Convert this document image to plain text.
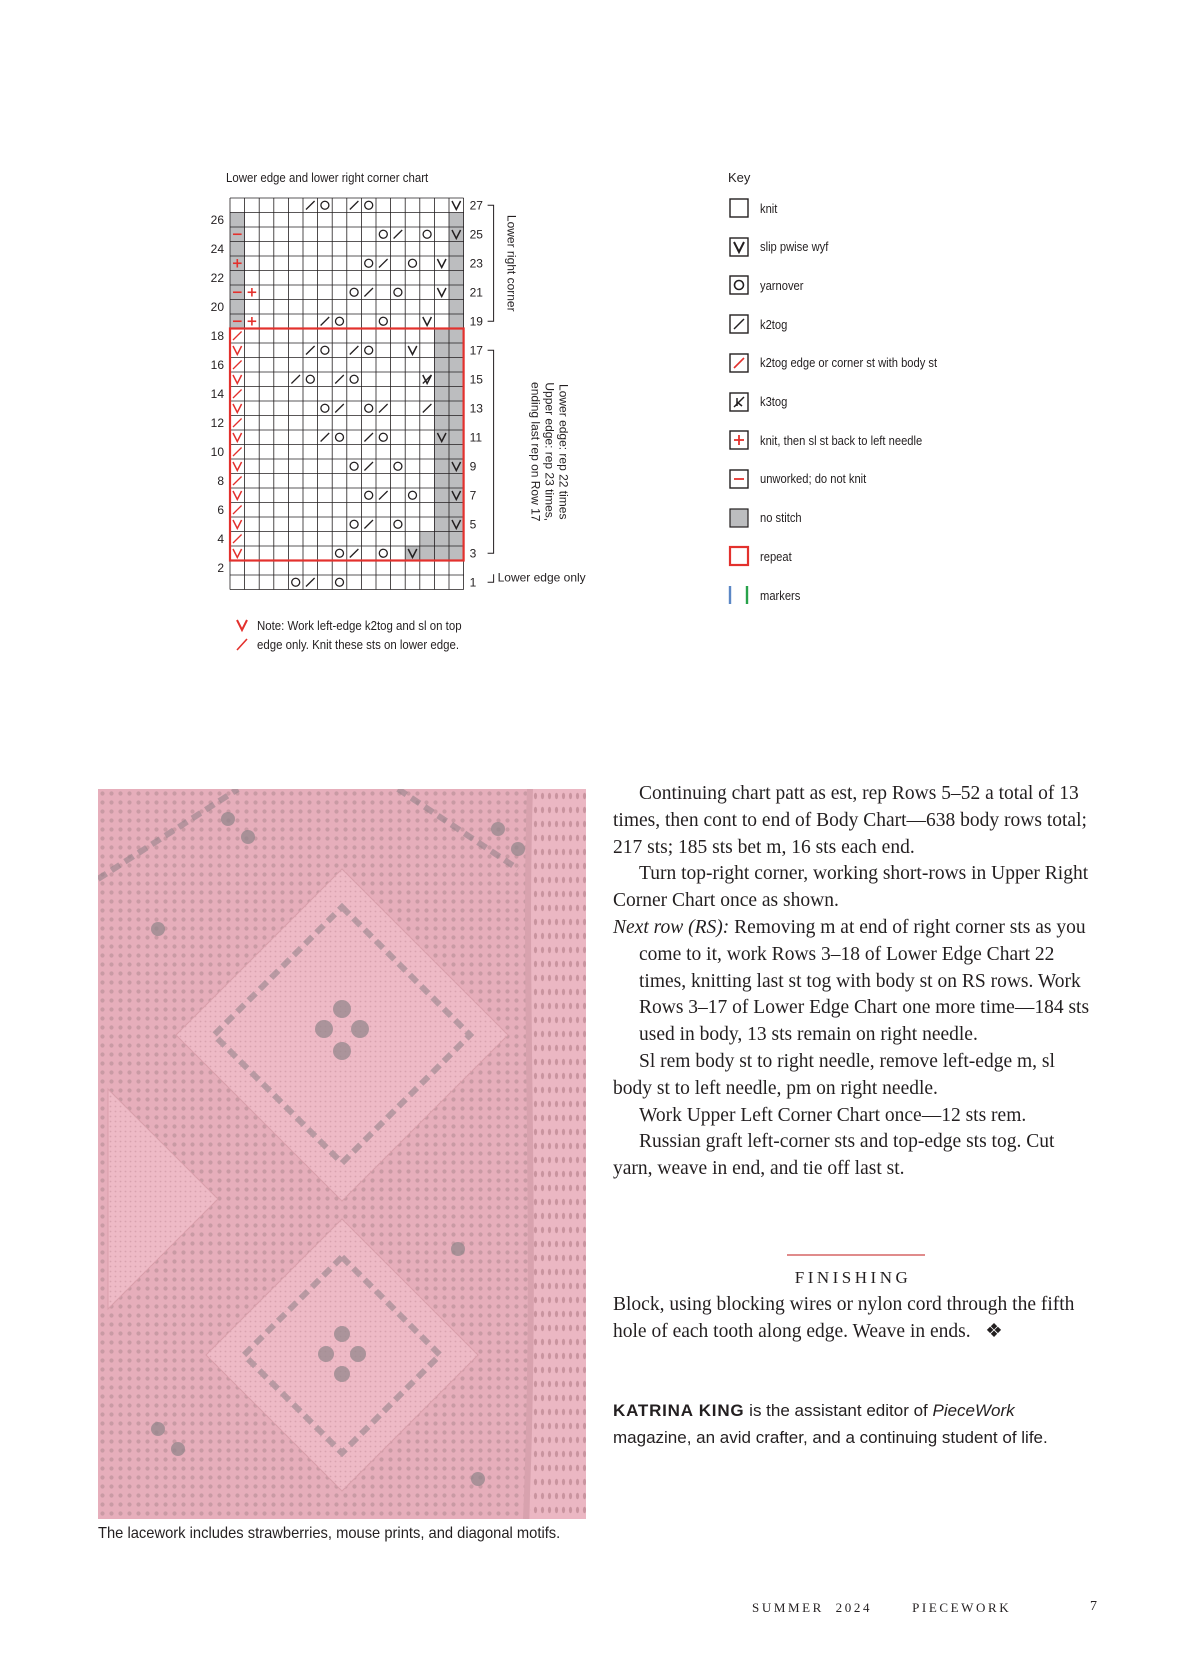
Lower edge and lower right corner chart
2
4
6
8
10
12
14
16
18
20
22
24
26
1
3
5
7
9
11
13
15
17
19
21
23
25
27
Lower right corner
Lower edge: rep 22 timesUpper edge: rep 23 times,ending last rep on Row 17
Lower edge only
Note: Work left-edge k2tog and sl on top edge only. Knit these sts on lower edge.
Key
knit
slip pwise wyf
yarnover
k2tog
k2tog edge or corner st with body st
k3tog
knit, then sl st back to left needle
unworked; do not knit
no stitch
repeat
markers
The lacework includes strawberries, mouse prints, and diagonal motifs.

Continuing chart patt as est, rep Rows 5–52 a total of 13 times, then cont to end of Body Chart—638 body rows total; 217 sts; 185 sts bet m, 16 sts each end.

Turn top-right corner, working short-rows in Upper Right Corner Chart once as shown.

Next row (RS): Removing m at end of right corner sts as you come to it, work Rows 3–18 of Lower Edge Chart 22 times, knitting last st tog with body st on RS rows. Work Rows 3–17 of Lower Edge Chart one more time—184 sts used in body, 13 sts remain on right needle.

Sl rem body st to right needle, remove left-edge m, sl body st to left needle, pm on right needle.

Work Upper Left Corner Chart once—12 sts rem.

Russian graft left-corner sts and top-edge sts tog. Cut yarn, weave in end, and tie off last st.

FINISHING
Block, using blocking wires or nylon cord through the fifth hole of each tooth along edge. Weave in ends. ❖
KATRINA KING is the assistant editor of PieceWork magazine, an avid crafter, and a continuing student of life.
SUMMER  2024	PIECEWORK	7
